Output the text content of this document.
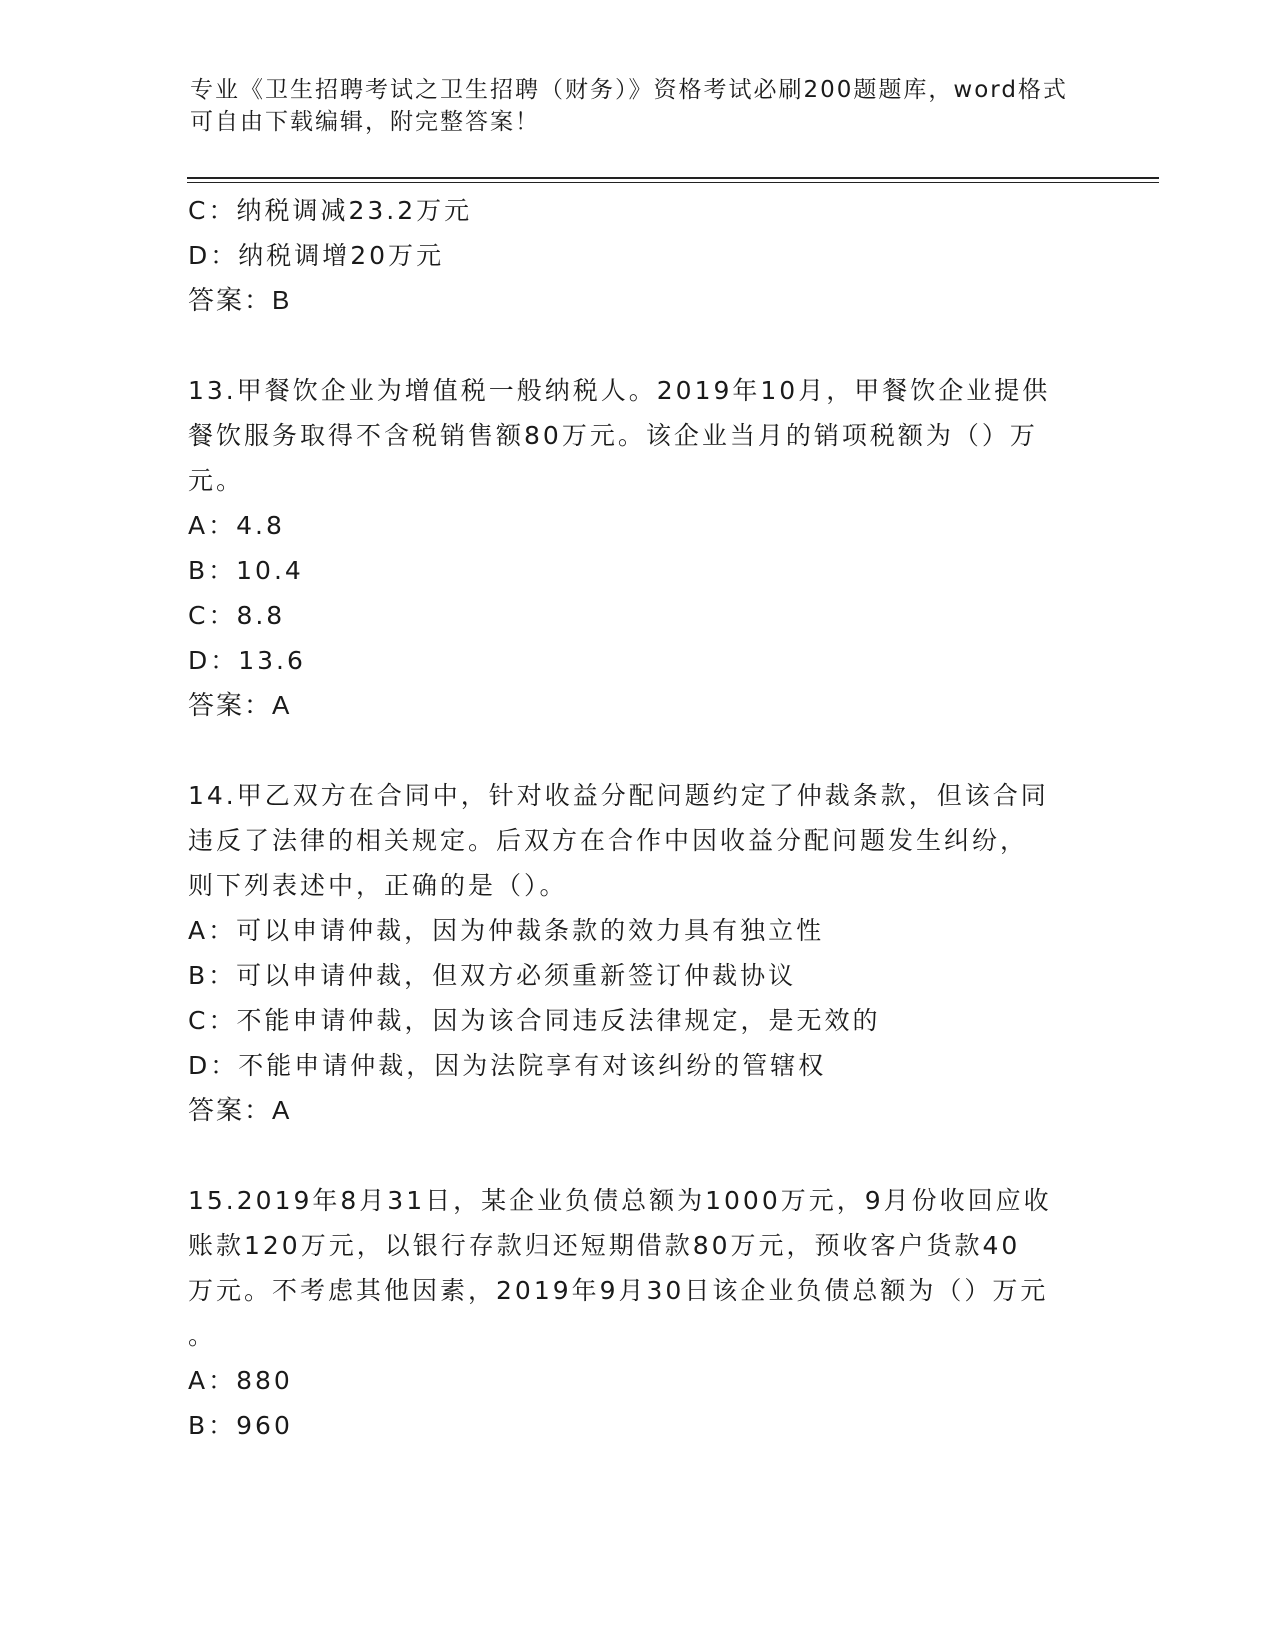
专业《卫生招聘考试之卫生招聘（财务）》资格考试必刷200题题库，word格式
可自由下载编辑，附完整答案！
C：纳税调减23.2万元
D：纳税调增20万元
答案：B
13.甲餐饮企业为增值税一般纳税人。2019年10月，甲餐饮企业提供
餐饮服务取得不含税销售额80万元。该企业当月的销项税额为（）万
元。
A：4.8
B：10.4
C：8.8
D：13.6
答案：A
14.甲乙双方在合同中，针对收益分配问题约定了仲裁条款，但该合同
违反了法律的相关规定。后双方在合作中因收益分配问题发生纠纷，
则下列表述中，正确的是（）。
A：可以申请仲裁，因为仲裁条款的效力具有独立性
B：可以申请仲裁，但双方必须重新签订仲裁协议
C：不能申请仲裁，因为该合同违反法律规定，是无效的
D：不能申请仲裁，因为法院享有对该纠纷的管辖权
答案：A
15.2019年8月31日，某企业负债总额为1000万元，9月份收回应收
账款120万元，以银行存款归还短期借款80万元，预收客户货款40
万元。不考虑其他因素，2019年9月30日该企业负债总额为（）万元
。
A：880
B：960
